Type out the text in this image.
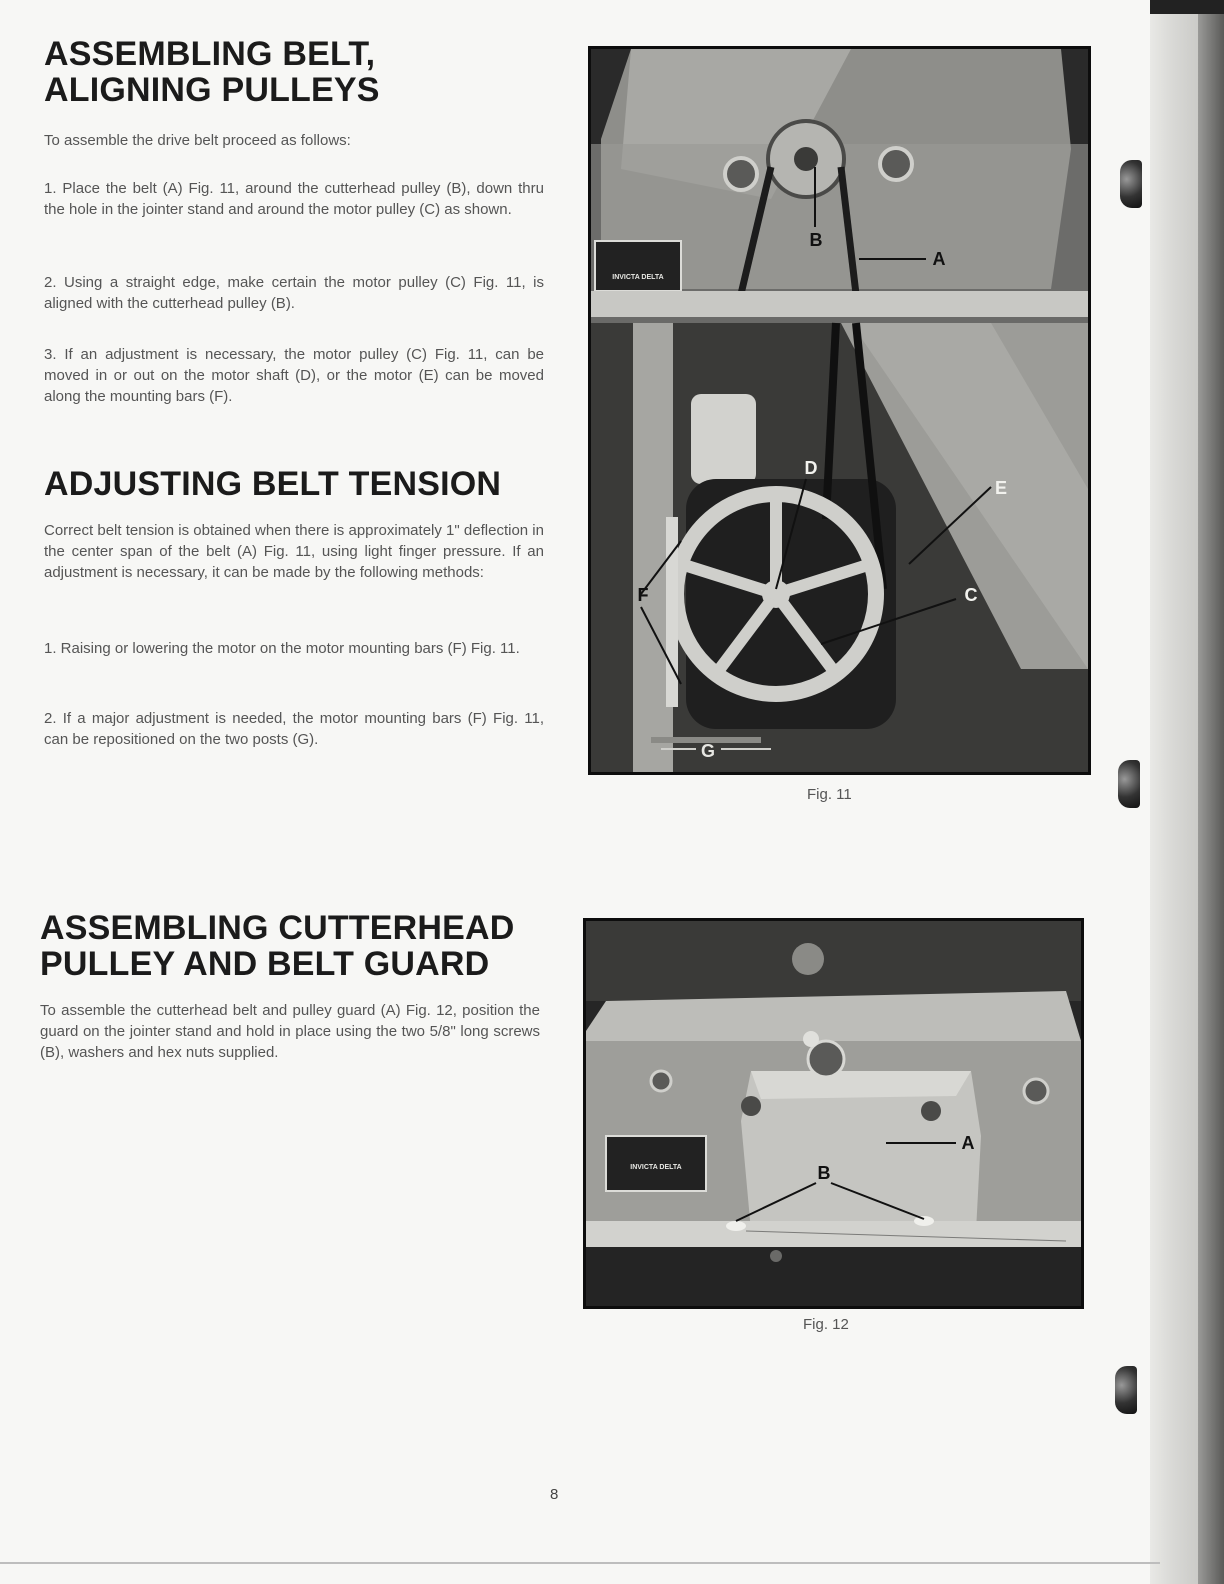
ASSEMBLING BELT,
ALIGNING PULLEYS

To assemble the drive belt proceed as follows:

1. Place the belt (A) Fig. 11, around the cutterhead pulley (B), down thru the hole in the jointer stand and around the motor pulley (C) as shown.

2. Using a straight edge, make certain the motor pulley (C) Fig. 11, is aligned with the cutterhead pulley (B).

3. If an adjustment is necessary, the motor pulley (C) Fig. 11, can be moved in or out on the motor shaft (D), or the motor (E) can be moved along the mounting bars (F).

ADJUSTING BELT TENSION

Correct belt tension is obtained when there is approximately 1" deflection in the center span of the belt (A) Fig. 11, using light finger pressure. If an adjustment is necessary, it can be made by the following methods:

1. Raising or lowering the motor on the motor mounting bars (F) Fig. 11.

2. If a major adjustment is needed, the motor mounting bars (F) Fig. 11, can be repositioned on the two posts (G).

ASSEMBLING CUTTERHEAD
PULLEY AND BELT GUARD

To assemble the cutterhead belt and pulley guard (A) Fig. 12, position the guard on the jointer stand and hold in place using the two 5/8" long screws (B), washers and hex nuts supplied.

INVICTA DELTA
B
A
D
E
C
F
G
Fig. 11
INVICTA DELTA
A
B
Fig. 12
8
